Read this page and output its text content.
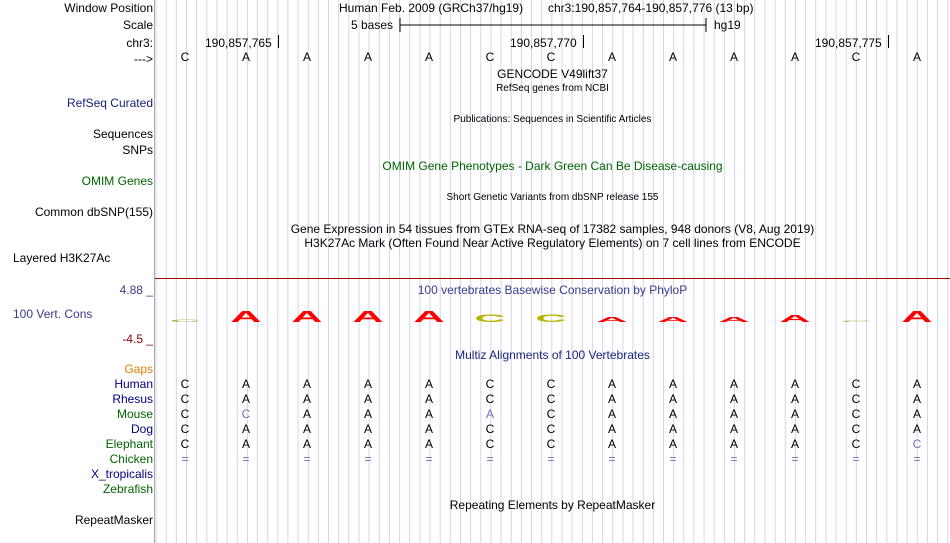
Window Position
Scale
chr3:
--->
Human Feb. 2009 (GRCh37/hg19) chr3:190,857,764-190,857,776 (13 bp)
5 bases	hg19
190,857,765	190,857,770	190,857,775
C	A	A	A	A	C	C	A	A	A	A	C	A
GENCODE V49lift37
RefSeq genes from NCBI
RefSeq Curated
Publications: Sequences in Scientific Articles
Sequences
SNPs
OMIM Gene Phenotypes - Dark Green Can Be Disease-causing
OMIM Genes
Short Genetic Variants from dbSNP release 155
Common dbSNP(155)
Gene Expression in 54 tissues from GTEx RNA-seq of 17382 samples, 948 donors (V8, Aug 2019)
H3K27Ac Mark (Often Found Near Active Regulatory Elements) on 7 cell lines from ENCODE
Layered H3K27Ac
100 vertebrates Basewise Conservation by PhyloP
4.88 _
100 Vert. Cons
-4.5 _
C A A A A C C A A A A C A
Multiz Alignments of 100 Vertebrates
Gaps
Human	C	A	A	A	A	C	C	A	A	A	A	C	A
Rhesus	C	A	A	A	A	C	C	A	A	A	A	C	A
Mouse	C	C	A	A	A	A	C	A	A	A	A	C	A
Dog	C	A	A	A	A	C	C	A	A	A	A	C	A
Elephant	C	A	A	A	A	C	C	A	A	A	A	C	C
Chicken	=	=	=	=	=	=	=	=	=	=	=	=	=
X_tropicalis
Zebrafish
Repeating Elements by RepeatMasker
RepeatMasker
